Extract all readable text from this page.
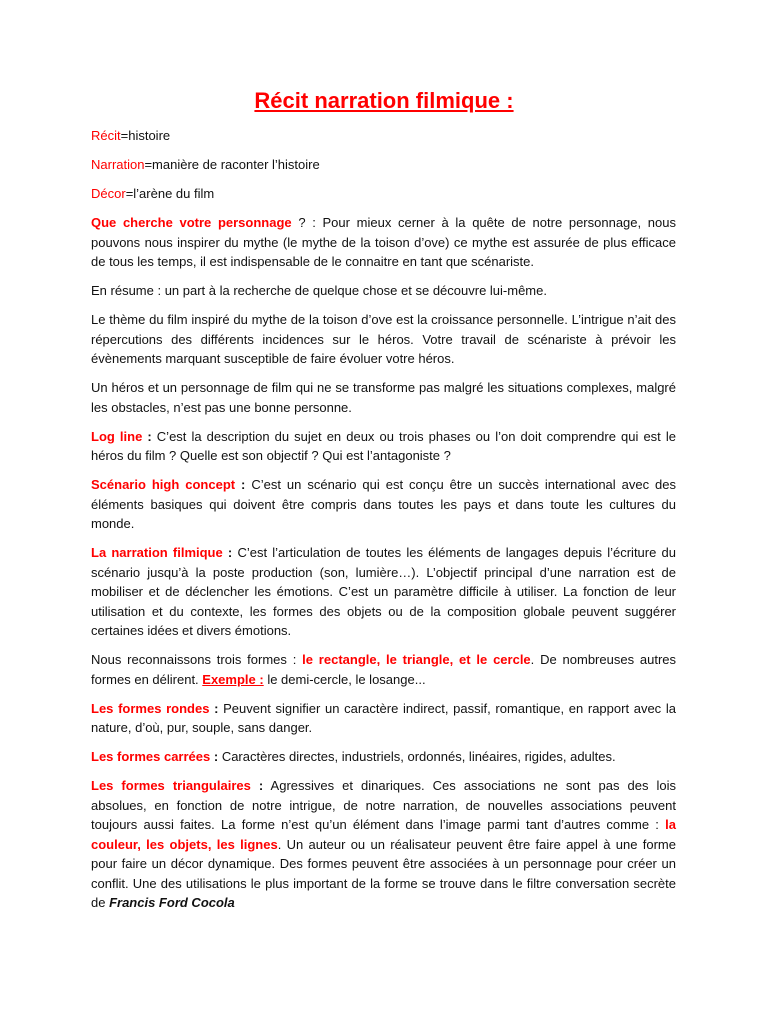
Récit narration filmique :

Récit=histoire

Narration=manière de raconter l’histoire

Décor=l’arène du film

Que cherche votre personnage ? : Pour mieux cerner à la quête de notre personnage, nous pouvons nous inspirer du mythe (le mythe de la toison d’ove) ce mythe est assurée de plus efficace de tous les temps, il est indispensable de le connaitre en tant que scénariste.

En résume : un part à la recherche de quelque chose et se découvre lui-même.

Le thème du film inspiré du mythe de la toison d’ove est la croissance personnelle. L’intrigue n’ait des répercutions des différents incidences sur le héros. Votre travail de scénariste à prévoir les évènements marquant susceptible de faire évoluer votre héros.

Un héros et un personnage de film qui ne se transforme pas malgré les situations complexes, malgré les obstacles, n’est pas une bonne personne.

Log line : C’est la description du sujet en deux ou trois phases ou l’on doit comprendre qui est le héros du film ? Quelle est son objectif ? Qui est l’antagoniste ?

Scénario high concept : C’est un scénario qui est conçu être un succès international avec des éléments basiques qui doivent être compris dans toutes les pays et dans toute les cultures du monde.

La narration filmique : C’est l’articulation de toutes les éléments de langages depuis l’écriture du scénario jusqu’à la poste production (son, lumière…). L’objectif principal d’une narration est de mobiliser et de déclencher les émotions. C’est un paramètre difficile à utiliser. La fonction de leur utilisation et du contexte, les formes des objets ou de la composition globale peuvent suggérer certaines idées et divers émotions.

Nous reconnaissons trois formes : le rectangle, le triangle, et le cercle. De nombreuses autres formes en délirent. Exemple : le demi-cercle, le losange...

Les formes rondes : Peuvent signifier un caractère indirect, passif, romantique, en rapport avec la nature, d’où, pur, souple, sans danger.

Les formes carrées : Caractères directes, industriels, ordonnés, linéaires, rigides, adultes.

Les formes triangulaires : Agressives et dinariques. Ces associations ne sont pas des lois absolues, en fonction de notre intrigue, de notre narration, de nouvelles associations peuvent toujours aussi faites. La forme n’est qu’un élément dans l’image parmi tant d’autres comme : la couleur, les objets, les lignes. Un auteur ou un réalisateur peuvent être faire appel à une forme pour faire un décor dynamique. Des formes peuvent être associées à un personnage pour créer un conflit. Une des utilisations le plus important de la forme se trouve dans le filtre conversation secrète de Francis Ford Cocola
